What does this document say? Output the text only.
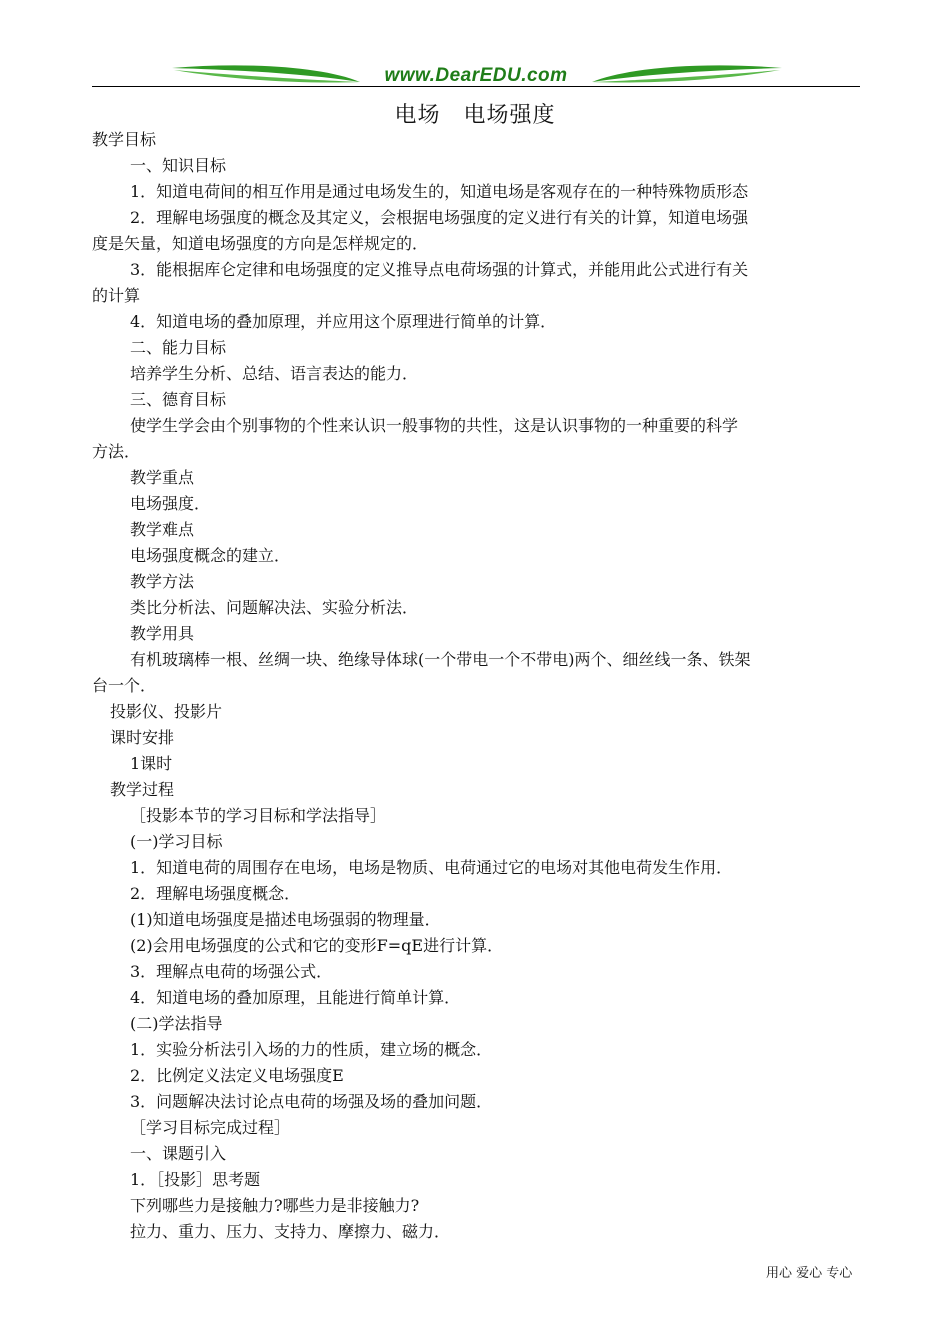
www.DearEDU.com
电场　电场强度
教学目标
一、知识目标
1．知道电荷间的相互作用是通过电场发生的，知道电场是客观存在的一种特殊物质形态
2．理解电场强度的概念及其定义，会根据电场强度的定义进行有关的计算，知道电场强
度是矢量，知道电场强度的方向是怎样规定的．
3．能根据库仑定律和电场强度的定义推导点电荷场强的计算式，并能用此公式进行有关
的计算
4．知道电场的叠加原理，并应用这个原理进行简单的计算．
二、能力目标
培养学生分析、总结、语言表达的能力．
三、德育目标
使学生学会由个别事物的个性来认识一般事物的共性，这是认识事物的一种重要的科学
方法．
教学重点
电场强度．
教学难点
电场强度概念的建立．
教学方法
类比分析法、问题解决法、实验分析法．
教学用具
有机玻璃棒一根、丝绸一块、绝缘导体球(一个带电一个不带电)两个、细丝线一条、铁架
台一个．
投影仪、投影片
课时安排
1课时
教学过程
［投影本节的学习目标和学法指导］
(一)学习目标
1．知道电荷的周围存在电场，电场是物质、电荷通过它的电场对其他电荷发生作用．
2．理解电场强度概念．
(1)知道电场强度是描述电场强弱的物理量．
(2)会用电场强度的公式和它的变形F=qE进行计算．
3．理解点电荷的场强公式．
4．知道电场的叠加原理，且能进行简单计算．
(二)学法指导
1．实验分析法引入场的力的性质，建立场的概念．
2．比例定义法定义电场强度E
3．问题解决法讨论点电荷的场强及场的叠加问题．
［学习目标完成过程］
一、课题引入
1．［投影］思考题
下列哪些力是接触力?哪些力是非接触力?
拉力、重力、压力、支持力、摩擦力、磁力．
用心 爱心 专心
